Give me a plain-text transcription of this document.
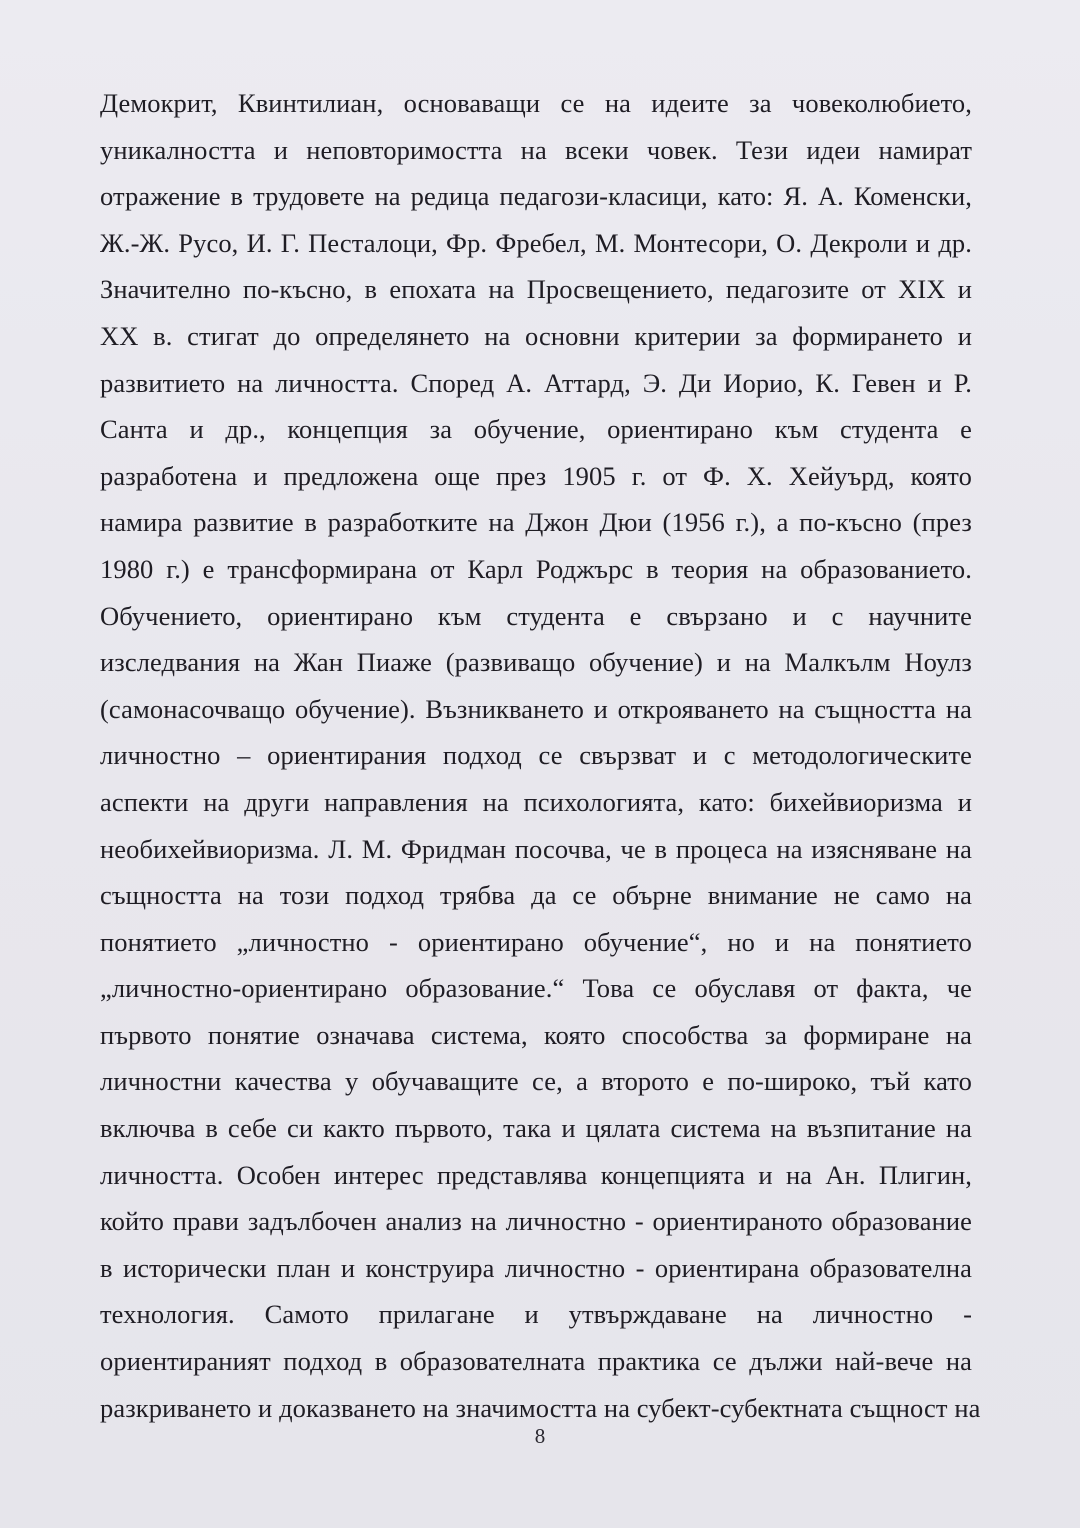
Демокрит, Квинтилиан, основаващи се на идеите за човеколюбието,
уникалността и неповторимостта на всеки човек. Тези идеи намират
отражение в трудовете на редица педагози-класици, като: Я. А. Коменски,
Ж.-Ж. Русо, И. Г. Песталоци, Фр. Фребел, М. Монтесори, О. Декроли и др.
Значително по-късно, в епохата на Просвещението, педагозите от XIX и
XX в. стигат до определянето на основни критерии за формирането и
развитието на личността. Според А. Аттард, Э. Ди Иорио, К. Гевен и Р.
Санта и др., концепция за обучение, ориентирано към студента е
разработена и предложена още през 1905 г. от Ф. Х. Хейуърд, която
намира развитие в разработките на Джон Дюи (1956 г.), а по-късно (през
1980 г.) е трансформирана от Карл Роджърс в теория на образованието.
Обучението, ориентирано към студента е свързано и с научните
изследвания на Жан Пиаже (развиващо обучение) и на Малкълм Ноулз
(самонасочващо обучение). Възникването и открояването на същността на
личностно – ориентирания подход се свързват и с методологическите
аспекти на други направления на психологията, като: бихейвиоризма и
необихейвиоризма. Л. М. Фридман посочва, че в процеса на изясняване на
същността на този подход трябва да се обърне внимание не само на
понятието „личностно - ориентирано обучение“, но и на понятието
„личностно-ориентирано образование.“ Това се обуславя от факта, че
първото понятие означава система, която способства за формиране на
личностни качества у обучаващите се, а второто е по-широко, тъй като
включва в себе си както първото, така и цялата система на възпитание на
личността. Особен интерес представлява концепцията и на Ан. Плигин,
който прави задълбочен анализ на личностно - ориентираното образование
в исторически план и конструира личностно - ориентирана образователна
технология. Самото прилагане и утвърждаване на личностно -
ориентираният подход в образователната практика се дължи най-вече на
разкриването и доказването на значимостта на субект-субектната същност на
8
